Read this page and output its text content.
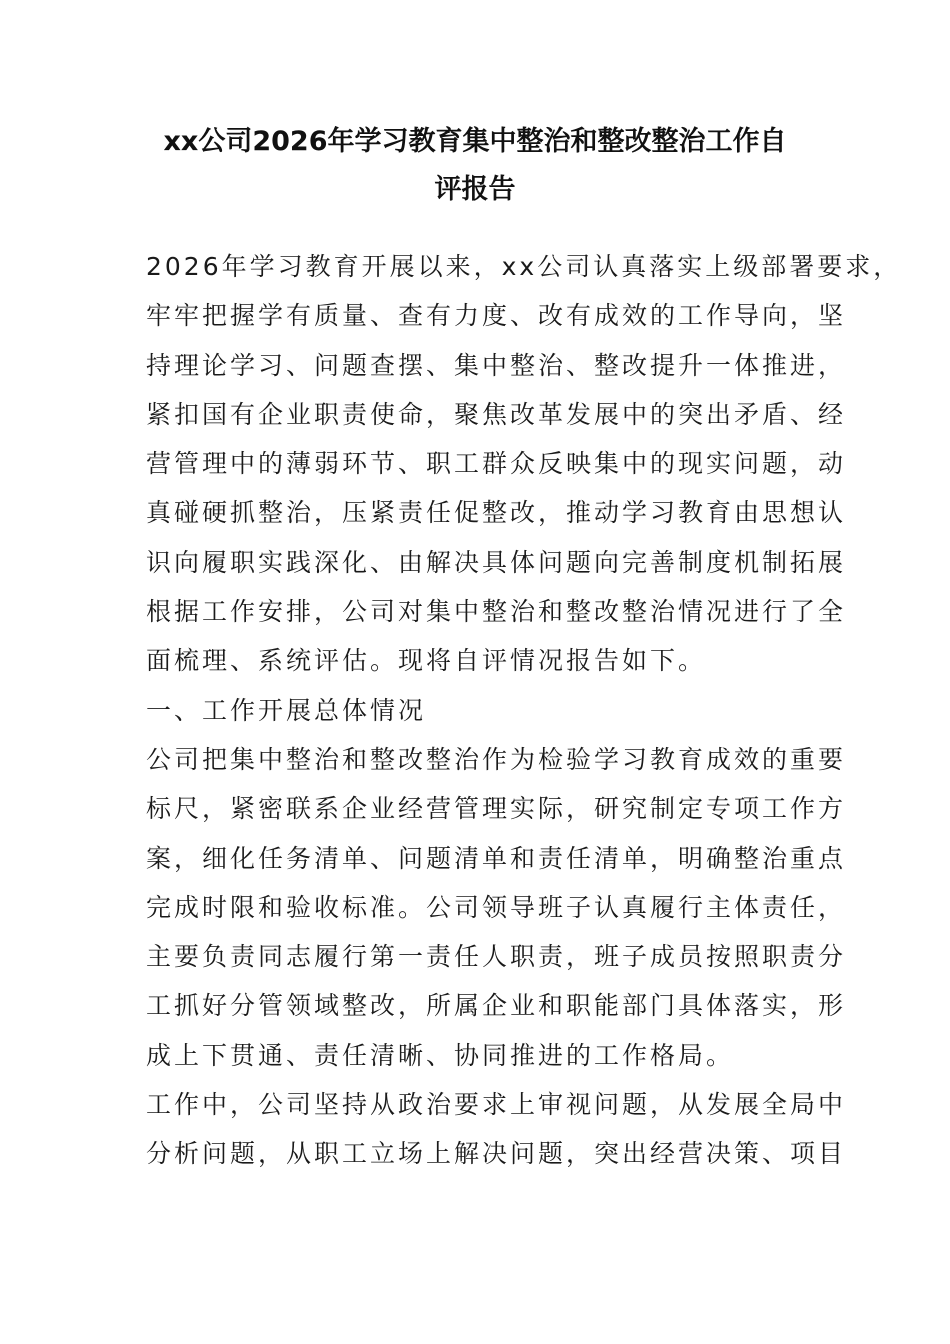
xx公司2026年学习教育集中整治和整改整治工作自
评报告
2026年学习教育开展以来，xx公司认真落实上级部署要求，
牢牢把握学有质量、查有力度、改有成效的工作导向，坚
持理论学习、问题查摆、集中整治、整改提升一体推进，
紧扣国有企业职责使命，聚焦改革发展中的突出矛盾、经
营管理中的薄弱环节、职工群众反映集中的现实问题，动
真碰硬抓整治，压紧责任促整改，推动学习教育由思想认
识向履职实践深化、由解决具体问题向完善制度机制拓展
根据工作安排，公司对集中整治和整改整治情况进行了全
面梳理、系统评估。现将自评情况报告如下。
一、工作开展总体情况
公司把集中整治和整改整治作为检验学习教育成效的重要
标尺，紧密联系企业经营管理实际，研究制定专项工作方
案，细化任务清单、问题清单和责任清单，明确整治重点
完成时限和验收标准。公司领导班子认真履行主体责任，
主要负责同志履行第一责任人职责，班子成员按照职责分
工抓好分管领域整改，所属企业和职能部门具体落实，形
成上下贯通、责任清晰、协同推进的工作格局。
工作中，公司坚持从政治要求上审视问题，从发展全局中
分析问题，从职工立场上解决问题，突出经营决策、项目
